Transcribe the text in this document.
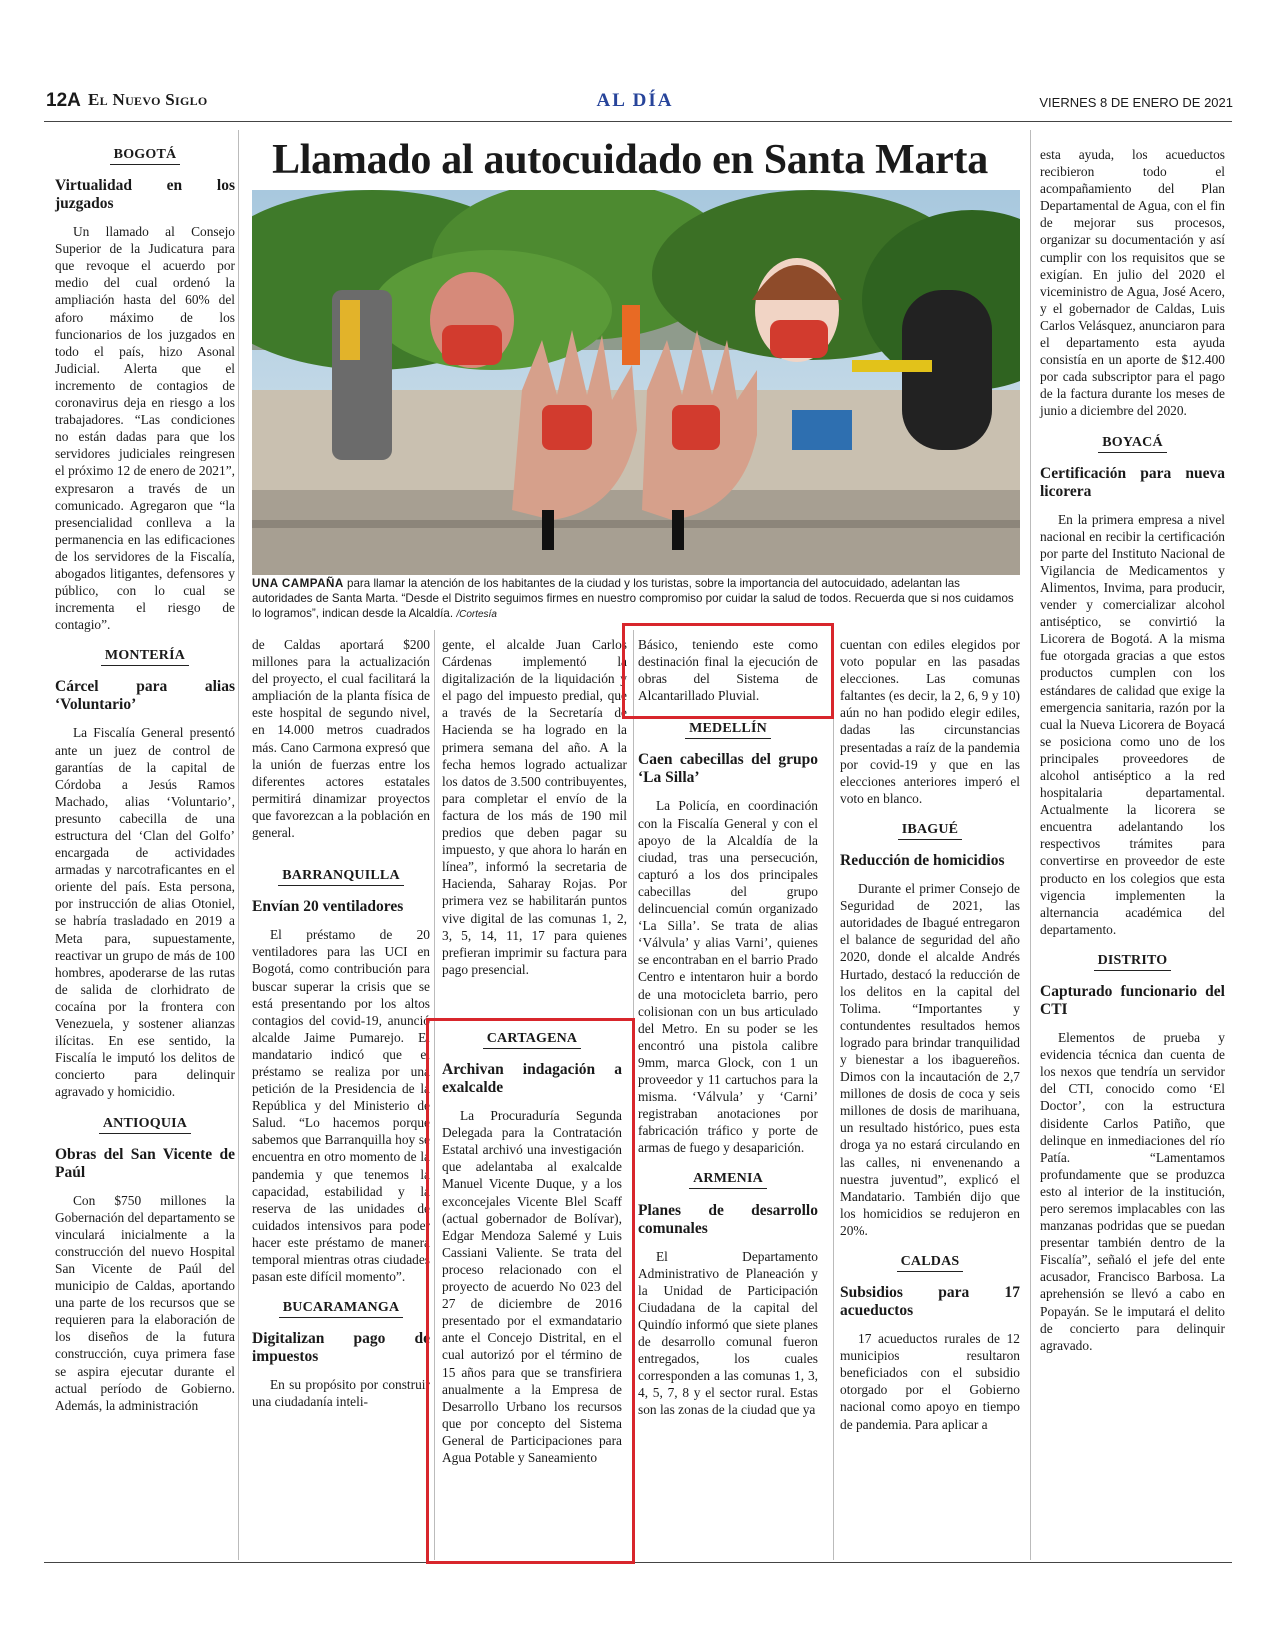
12A El Nuevo Siglo	AL DÍA	VIERNES 8 DE ENERO DE 2021
Llamado al autocuidado en Santa Marta
UNA CAMPAÑA para llamar la atención de los habitantes de la ciudad y los turistas, sobre la importancia del autocuidado, adelantan las autoridades de Santa Marta. “Desde el Distrito seguimos firmes en nuestro compromiso por cuidar la salud de todos. Recuerda que si nos cuidamos lo logramos”, indican desde la Alcaldía. /Cortesía
BOGOTÁ
Virtualidad en los juzgados

Un llamado al Consejo Superior de la Judicatura para que revoque el acuerdo por medio del cual ordenó la ampliación hasta del 60% del aforo máximo de los funcionarios de los juzgados en todo el país, hizo Asonal Judicial. Alerta que el incremento de contagios de coronavirus deja en riesgo a los trabajadores. “Las condiciones no están dadas para que los servidores judiciales reingresen el próximo 12 de enero de 2021”, expresaron a través de un comunicado. Agregaron que “la presencialidad conlleva a la permanencia en las edificaciones de los servidores de la Fiscalía, abogados litigantes, defensores y público, con lo cual se incrementa el riesgo de contagio”.

MONTERÍA
Cárcel para alias ‘Voluntario’

La Fiscalía General presentó ante un juez de control de garantías de la capital de Córdoba a Jesús Ramos Machado, alias ‘Voluntario’, presunto cabecilla de una estructura del ‘Clan del Golfo’ encargada de actividades armadas y narcotraficantes en el oriente del país. Esta persona, por instrucción de alias Otoniel, se habría trasladado en 2019 a Meta para, supuestamente, reactivar un grupo de más de 100 hombres, apoderarse de las rutas de salida de clorhidrato de cocaína por la frontera con Venezuela, y sostener alianzas ilícitas. En ese sentido, la Fiscalía le imputó los delitos de concierto para delinquir agravado y homicidio.

ANTIOQUIA
Obras del San Vicente de Paúl

Con $750 millones la Gobernación del departamento se vinculará inicialmente a la construcción del nuevo Hospital San Vicente de Paúl del municipio de Caldas, aportando una parte de los recursos que se requieren para la elaboración de los diseños de la futura construcción, cuya primera fase se aspira ejecutar durante el actual período de Gobierno. Además, la administración

de Caldas aportará $200 millones para la actualización del proyecto, el cual facilitará la ampliación de la planta física de este hospital de segundo nivel, en 14.000 metros cuadrados más. Cano Carmona expresó que la unión de fuerzas entre los diferentes actores estatales permitirá dinamizar proyectos que favorezcan a la población en general.

BARRANQUILLA
Envían 20 ventiladores

El préstamo de 20 ventiladores para las UCI en Bogotá, como contribución para buscar superar la crisis que se está presentando por los altos contagios del covid-19, anunció alcalde Jaime Pumarejo. El mandatario indicó que el préstamo se realiza por una petición de la Presidencia de la República y del Ministerio de Salud. “Lo hacemos porque sabemos que Barranquilla hoy se encuentra en otro momento de la pandemia y que tenemos la capacidad, estabilidad y la reserva de las unidades de cuidados intensivos para poder hacer este préstamo de manera temporal mientras otras ciudades pasan este difícil momento”.

BUCARAMANGA
Digitalizan pago de impuestos

En su propósito por construir una ciudadanía inteli-

gente, el alcalde Juan Carlos Cárdenas implementó la digitalización de la liquidación y el pago del impuesto predial, que a través de la Secretaría de Hacienda se ha logrado en la primera semana del año. A la fecha hemos logrado actualizar los datos de 3.500 contribuyentes, para completar el envío de la factura de los más de 190 mil predios que deben pagar su impuesto, y que ahora lo harán en línea”, informó la secretaria de Hacienda, Saharay Rojas. Por primera vez se habilitarán puntos vive digital de las comunas 1, 2, 3, 5, 14, 11, 17 para quienes prefieran imprimir su factura para pago presencial.

CARTAGENA
Archivan indagación a exalcalde

La Procuraduría Segunda Delegada para la Contratación Estatal archivó una investigación que adelantaba al exalcalde Manuel Vicente Duque, y a los exconcejales Vicente Blel Scaff (actual gobernador de Bolívar), Edgar Mendoza Salemé y Luis Cassiani Valiente. Se trata del proceso relacionado con el proyecto de acuerdo No 023 del 27 de diciembre de 2016 presentado por el exmandatario ante el Concejo Distrital, en el cual autorizó por el término de 15 años para que se transfiriera anualmente a la Empresa de Desarrollo Urbano los recursos que por concepto del Sistema General de Participaciones para Agua Potable y Saneamiento

Básico, teniendo este como destinación final la ejecución de obras del Sistema de Alcantarillado Pluvial.

MEDELLÍN
Caen cabecillas del grupo ‘La Silla’

La Policía, en coordinación con la Fiscalía General y con el apoyo de la Alcaldía de la ciudad, tras una persecución, capturó a los dos principales cabecillas del grupo delincuencial común organizado ‘La Silla’. Se trata de alias ‘Válvula’ y alias Varni’, quienes se encontraban en el barrio Prado Centro e intentaron huir a bordo de una motocicleta barrio, pero colisionan con un bus articulado del Metro. En su poder se les encontró una pistola calibre 9mm, marca Glock, con 1 un proveedor y 11 cartuchos para la misma. ‘Válvula’ y ‘Carni’ registraban anotaciones por fabricación tráfico y porte de armas de fuego y desaparición.

ARMENIA
Planes de desarrollo comunales

El Departamento Administrativo de Planeación y la Unidad de Participación Ciudadana de la capital del Quindío informó que siete planes de desarrollo comunal fueron entregados, los cuales corresponden a las comunas 1, 3, 4, 5, 7, 8 y el sector rural. Estas son las zonas de la ciudad que ya

cuentan con ediles elegidos por voto popular en las pasadas elecciones. Las comunas faltantes (es decir, la 2, 6, 9 y 10) aún no han podido elegir ediles, dadas las circunstancias presentadas a raíz de la pandemia por covid-19 y que en las elecciones anteriores imperó el voto en blanco.

IBAGUÉ
Reducción de homicidios

Durante el primer Consejo de Seguridad de 2021, las autoridades de Ibagué entregaron el balance de seguridad del año 2020, donde el alcalde Andrés Hurtado, destacó la reducción de los delitos en la capital del Tolima. “Importantes y contundentes resultados hemos logrado para brindar tranquilidad y bienestar a los ibaguereños. Dimos con la incautación de 2,7 millones de dosis de coca y seis millones de dosis de marihuana, un resultado histórico, pues esta droga ya no estará circulando en las calles, ni envenenando a nuestra juventud”, explicó el Mandatario. También dijo que los homicidios se redujeron en 20%.

CALDAS
Subsidios para 17 acueductos

17 acueductos rurales de 12 municipios resultaron beneficiados con el subsidio otorgado por el Gobierno nacional como apoyo en tiempo de pandemia. Para aplicar a

esta ayuda, los acueductos recibieron todo el acompañamiento del Plan Departamental de Agua, con el fin de mejorar sus procesos, organizar su documentación y así cumplir con los requisitos que se exigían. En julio del 2020 el viceministro de Agua, José Acero, y el gobernador de Caldas, Luis Carlos Velásquez, anunciaron para el departamento esta ayuda consistía en un aporte de $12.400 por cada subscriptor para el pago de la factura durante los meses de junio a diciembre del 2020.

BOYACÁ
Certificación para nueva licorera

En la primera empresa a nivel nacional en recibir la certificación por parte del Instituto Nacional de Vigilancia de Medicamentos y Alimentos, Invima, para producir, vender y comercializar alcohol antiséptico, se convirtió la Licorera de Bogotá. A la misma fue otorgada gracias a que estos productos cumplen con los estándares de calidad que exige la emergencia sanitaria, razón por la cual la Nueva Licorera de Boyacá se posiciona como uno de los principales proveedores de alcohol antiséptico a la red hospitalaria departamental. Actualmente la licorera se encuentra adelantando los respectivos trámites para convertirse en proveedor de este producto en los colegios que esta vigencia implementen la alternancia académica del departamento.

DISTRITO
Capturado funcionario del CTI

Elementos de prueba y evidencia técnica dan cuenta de los nexos que tendría un servidor del CTI, conocido como ‘El Doctor’, con la estructura disidente Carlos Patiño, que delinque en inmediaciones del río Patía. “Lamentamos profundamente que se produzca esto al interior de la institución, pero seremos implacables con las manzanas podridas que se puedan presentar también dentro de la Fiscalía”, señaló el jefe del ente acusador, Francisco Barbosa. La aprehensión se llevó a cabo en Popayán. Se le imputará el delito de concierto para delinquir agravado.
